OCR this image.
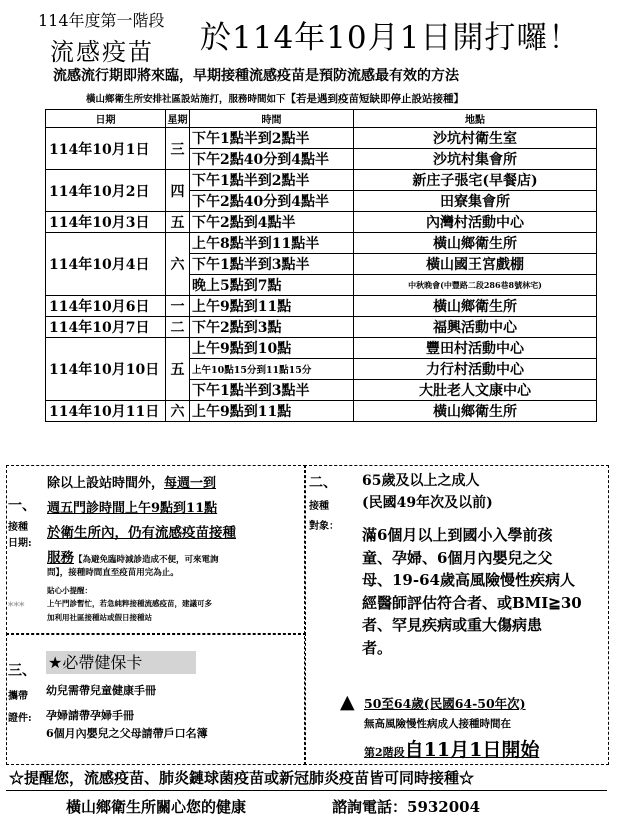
114年度第一階段
流感疫苗 於114年10月1日開打囉！
流感流行期即將來臨，早期接種流感疫苗是預防流感最有效的方法
橫山鄉衛生所安排社區設站施打，服務時間如下【若是遇到疫苗短缺即停止設站接種】
日期	星期	時間	地點
114年10月1日	三	下午1點半到2點半	沙坑村衛生室
		下午2點40分到4點半	沙坑村集會所
114年10月2日	四	下午1點半到2點半	新庄子張宅(早餐店)
		下午2點40分到4點半	田寮集會所
114年10月3日	五	下午2點到4點半	內灣村活動中心
114年10月4日	六	上午8點半到11點半	橫山鄉衛生所
		下午1點半到3點半	橫山國王宮戲棚
		晚上5點到7點	中秋晚會(中豐路二段286巷8號林宅)
114年10月6日	一	上午9點到11點	橫山鄉衛生所
114年10月7日	二	下午2點到3點	福興活動中心
114年10月10日	五	上午9點到10點	豐田村活動中心
		上午10點15分到11點15分	力行村活動中心
		下午1點半到3點半	大肚老人文康中心
114年10月11日	六	上午9點到11點	橫山鄉衛生所
一、
接種
日期:
***
除以上設站時間外，每週一到
週五門診時間上午9點到11點
於衛生所內，仍有流感疫苗接種
服務【為避免臨時減診造成不便，可來電詢
問】，接種時間直至疫苗用完為止。
貼心小提醒：
上午門診暫忙，若急純粹接種流感疫苗，建議可多
加利用社區接種站或假日接種站
三、
攜帶
證件:
★必帶健保卡
幼兒需帶兒童健康手冊
孕婦請帶孕婦手冊
6個月內嬰兒之父母請帶戶口名簿
二、
接種
對象：
65歲及以上之成人
(民國49年次及以前)
滿6個月以上到國小入學前孩
童、孕婦、6個月內嬰兒之父
母、19-64歲高風險慢性疾病人
經醫師評估符合者、或BMI≧30
者、罕見疾病或重大傷病患
者。
▲ 50至64歲(民國64-50年次)
無高風險慢性病成人接種時間在
第2階段自11月1日開始
☆提醒您，流感疫苗、肺炎鏈球菌疫苗或新冠肺炎疫苗皆可同時接種☆
橫山鄉衛生所關心您的健康	諮詢電話：5932004
